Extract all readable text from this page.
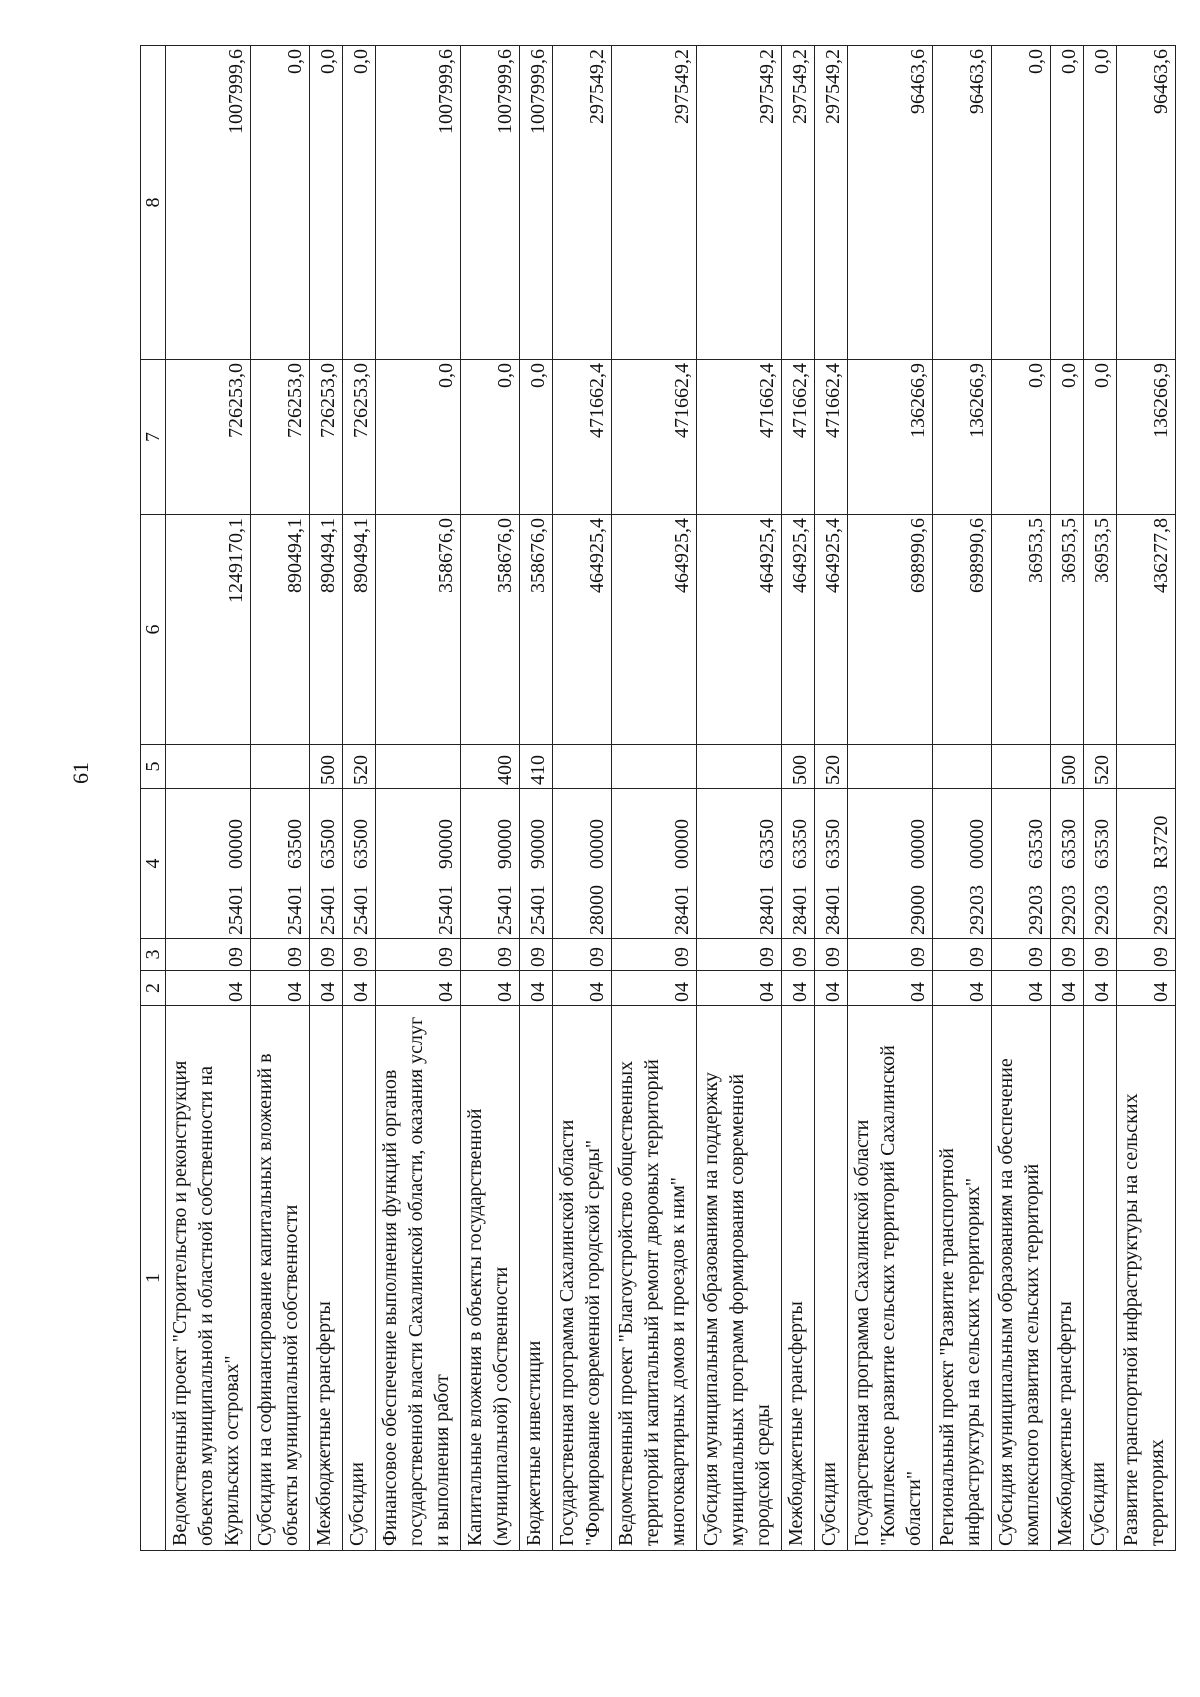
61
1	2	3	4	5	6	7	8
Ведомственный проект "Строительство и реконструкция объектов муниципальной и областной собственности на Курильских островах"	04	09	2540100000		1249170,1	726253,0	1007999,6
Субсидии на софинансирование капитальных вложений в объекты муниципальной собственности	04	09	2540163500		890494,1	726253,0	0,0
Межбюджетные трансферты	04	09	2540163500	500	890494,1	726253,0	0,0
Субсидии	04	09	2540163500	520	890494,1	726253,0	0,0
Финансовое обеспечение выполнения функций органов государственной власти Сахалинской области, оказания услуг и выполнения работ	04	09	2540190000		358676,0	0,0	1007999,6
Капитальные вложения в объекты государственной (муниципальной) собственности	04	09	2540190000	400	358676,0	0,0	1007999,6
Бюджетные инвестиции	04	09	2540190000	410	358676,0	0,0	1007999,6
Государственная программа Сахалинской области "Формирование современной городской среды"	04	09	2800000000		464925,4	471662,4	297549,2
Ведомственный проект "Благоустройство общественных территорий и капитальный ремонт дворовых территорий многоквартирных домов и проездов к ним"	04	09	2840100000		464925,4	471662,4	297549,2
Субсидия муниципальным образованиям на поддержку муниципальных программ формирования современной городской среды	04	09	2840163350		464925,4	471662,4	297549,2
Межбюджетные трансферты	04	09	2840163350	500	464925,4	471662,4	297549,2
Субсидии	04	09	2840163350	520	464925,4	471662,4	297549,2
Государственная программа Сахалинской области "Комплексное развитие сельских территорий Сахалинской области"	04	09	2900000000		698990,6	136266,9	96463,6
Региональный проект "Развитие транспортной инфраструктуры на сельских территориях"	04	09	2920300000		698990,6	136266,9	96463,6
Субсидия муниципальным образованиям на обеспечение комплексного развития сельских территорий	04	09	2920363530		36953,5	0,0	0,0
Межбюджетные трансферты	04	09	2920363530	500	36953,5	0,0	0,0
Субсидии	04	09	2920363530	520	36953,5	0,0	0,0
Развитие транспортной инфраструктуры на сельских территориях	04	09	29203R3720		436277,8	136266,9	96463,6
